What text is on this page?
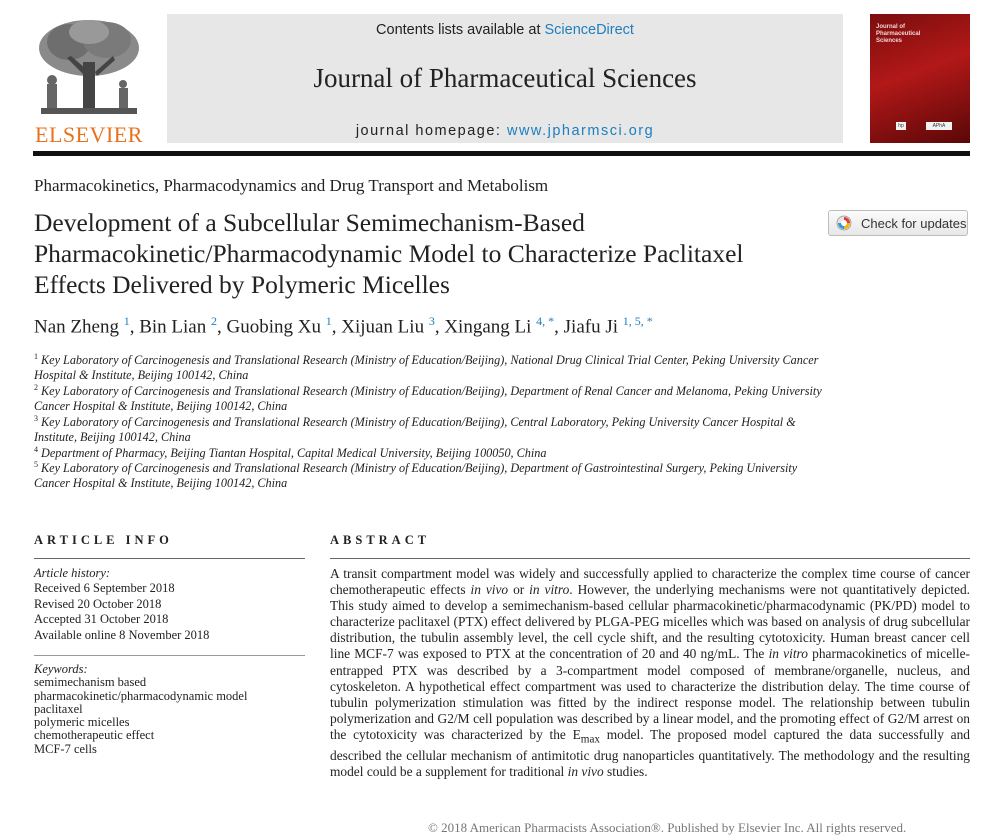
ELSEVIER
Contents lists available at ScienceDirect
Journal of Pharmaceutical Sciences
journal homepage: www.jpharmsci.org
Journal of
Pharmaceutical
Sciences
hp	APhA
Pharmacokinetics, Pharmacodynamics and Drug Transport and Metabolism
Development of a Subcellular Semimechanism-Based Pharmacokinetic/Pharmacodynamic Model to Characterize Paclitaxel Effects Delivered by Polymeric Micelles
Check for updates
Nan Zheng $^1$, Bin Lian $^2$, Guobing Xu $^1$, Xijuan Liu $^3$, Xingang Li $^{4, *}$, Jiafu Ji $^{1, 5, *}$
$^1$ Key Laboratory of Carcinogenesis and Translational Research (Ministry of Education/Beijing), National Drug Clinical Trial Center, Peking University Cancer Hospital & Institute, Beijing 100142, China
$^2$ Key Laboratory of Carcinogenesis and Translational Research (Ministry of Education/Beijing), Department of Renal Cancer and Melanoma, Peking University Cancer Hospital & Institute, Beijing 100142, China
$^3$ Key Laboratory of Carcinogenesis and Translational Research (Ministry of Education/Beijing), Central Laboratory, Peking University Cancer Hospital & Institute, Beijing 100142, China
$^4$ Department of Pharmacy, Beijing Tiantan Hospital, Capital Medical University, Beijing 100050, China
$^5$ Key Laboratory of Carcinogenesis and Translational Research (Ministry of Education/Beijing), Department of Gastrointestinal Surgery, Peking University Cancer Hospital & Institute, Beijing 100142, China
ARTICLE INFO
Article history:
Received 6 September 2018
Revised 20 October 2018
Accepted 31 October 2018
Available online 8 November 2018
Keywords:
semimechanism based
pharmacokinetic/pharmacodynamic model
paclitaxel
polymeric micelles
chemotherapeutic effect
MCF-7 cells
ABSTRACT
A transit compartment model was widely and successfully applied to characterize the complex time course of cancer chemotherapeutic effects in vivo or in vitro. However, the underlying mechanisms were not quantitatively depicted. This study aimed to develop a semimechanism-based cellular pharmacokinetic/pharmacodynamic (PK/PD) model to characterize paclitaxel (PTX) effect delivered by PLGA-PEG micelles which was based on analysis of drug subcellular distribution, the tubulin assembly level, the cell cycle shift, and the resulting cytotoxicity. Human breast cancer cell line MCF-7 was exposed to PTX at the concentration of 20 and 40 ng/mL. The in vitro pharmacokinetics of micelle-entrapped PTX was described by a 3-compartment model composed of membrane/organelle, nucleus, and cytoskeleton. A hypothetical effect compartment was used to characterize the distribution delay. The time course of tubulin polymerization stimulation was fitted by the indirect response model. The relationship between tubulin polymerization and G2/M cell population was described by a linear model, and the promoting effect of G2/M arrest on the cytotoxicity was characterized by the $E_{max}$ model. The proposed model captured the data successfully and described the cellular mechanism of antimitotic drug nanoparticles quantitatively. The methodology and the resulting model could be a supplement for traditional in vivo studies.
© 2018 American Pharmacists Association®. Published by Elsevier Inc. All rights reserved.
